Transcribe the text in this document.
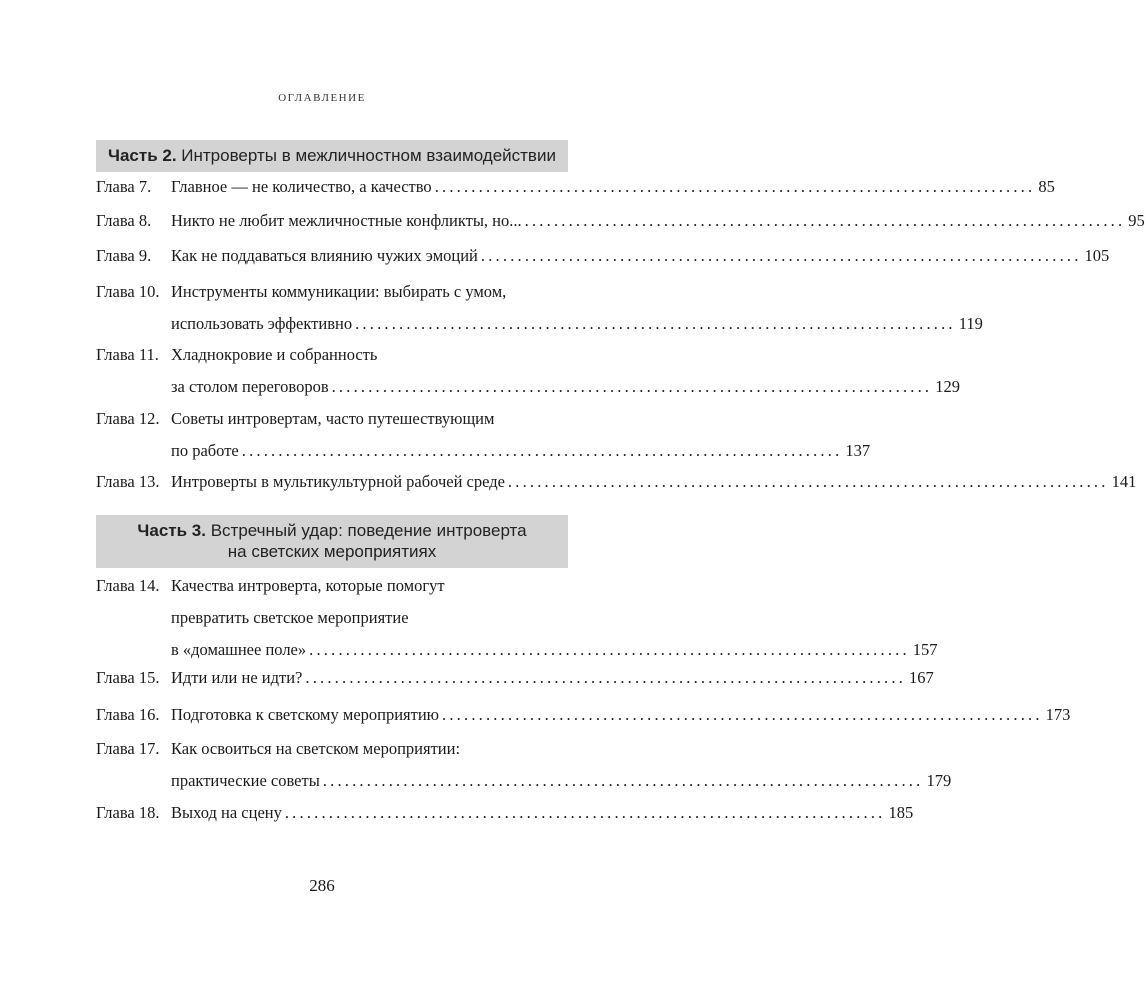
ОГЛАВЛЕНИЕ
Часть 2. Интроверты в межличностном взаимодействии
Глава 7. Главное — не количество, а качество .................................................................................. 85
Глава 8. Никто не любит межличностные конфликты, но... .................................................................................. 95
Глава 9. Как не поддаваться влиянию чужих эмоций .................................................................................. 105
Глава 10. Инструменты коммуникации: выбирать с умом,
использовать эффективно .................................................................................. 119
Глава 11. Хладнокровие и собранность
за столом переговоров .................................................................................. 129
Глава 12. Советы интровертам, часто путешествующим
по работе .................................................................................. 137
Глава 13. Интроверты в мультикультурной рабочей среде .................................................................................. 141
Часть 3. Встречный удар: поведение интроверта
на светских мероприятиях
Глава 14. Качества интроверта, которые помогут
превратить светское мероприятие
в «домашнее поле» .................................................................................. 157
Глава 15. Идти или не идти? .................................................................................. 167
Глава 16. Подготовка к светскому мероприятию .................................................................................. 173
Глава 17. Как освоиться на светском мероприятии:
практические советы .................................................................................. 179
Глава 18. Выход на сцену .................................................................................. 185
286
